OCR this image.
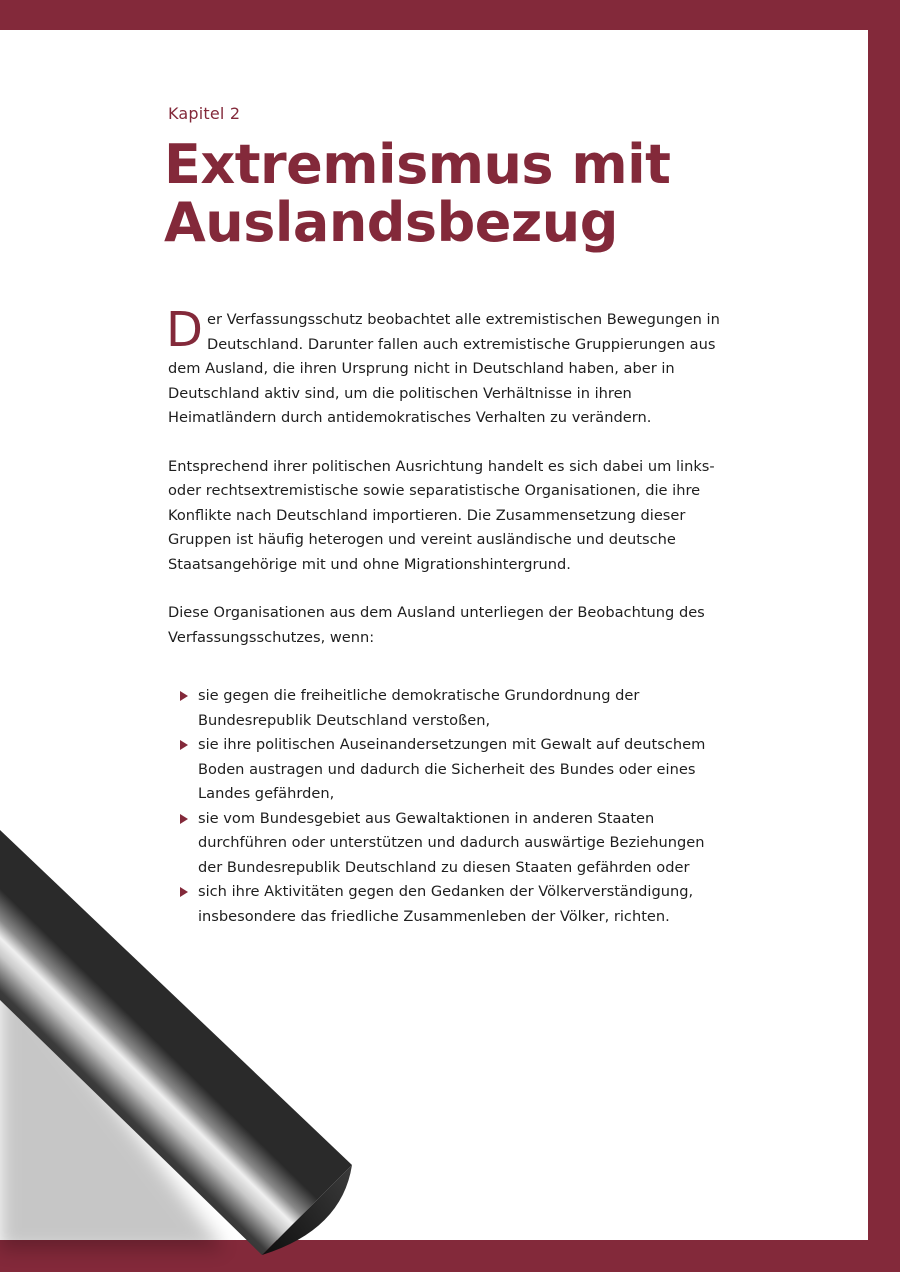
Kapitel 2
Extremismus mit
Auslandsbezug

Der Verfassungsschutz beobachtet alle extremistischen Bewegungen in Deutschland. Darunter fallen auch extremistische Gruppierungen aus dem Ausland, die ihren Ursprung nicht in Deutschland haben, aber in Deutschland aktiv sind, um die politischen Verhältnisse in ihren Heimatländern durch antidemokratisches Verhalten zu verändern.

Entsprechend ihrer politischen Ausrichtung handelt es sich dabei um links- oder rechtsextremistische sowie separatistische Organisationen, die ihre Konflikte nach Deutschland importieren. Die Zusammensetzung dieser Gruppen ist häufig heterogen und vereint ausländische und deutsche Staatsangehörige mit und ohne Migrationshintergrund.

Diese Organisationen aus dem Ausland unterliegen der Beobachtung des Verfassungsschutzes, wenn:

sie gegen die freiheitliche demokratische Grundordnung der Bundesrepublik Deutschland verstoßen,
sie ihre politischen Auseinandersetzungen mit Gewalt auf deutschem Boden austragen und dadurch die Sicherheit des Bundes oder eines Landes gefährden,
sie vom Bundesgebiet aus Gewaltaktionen in anderen Staaten durchführen oder unterstützen und dadurch auswärtige Beziehungen der Bundesrepublik Deutschland zu diesen Staaten gefährden oder
sich ihre Aktivitäten gegen den Gedanken der Völkerverständigung, insbesondere das friedliche Zusammenleben der Völker, richten.
